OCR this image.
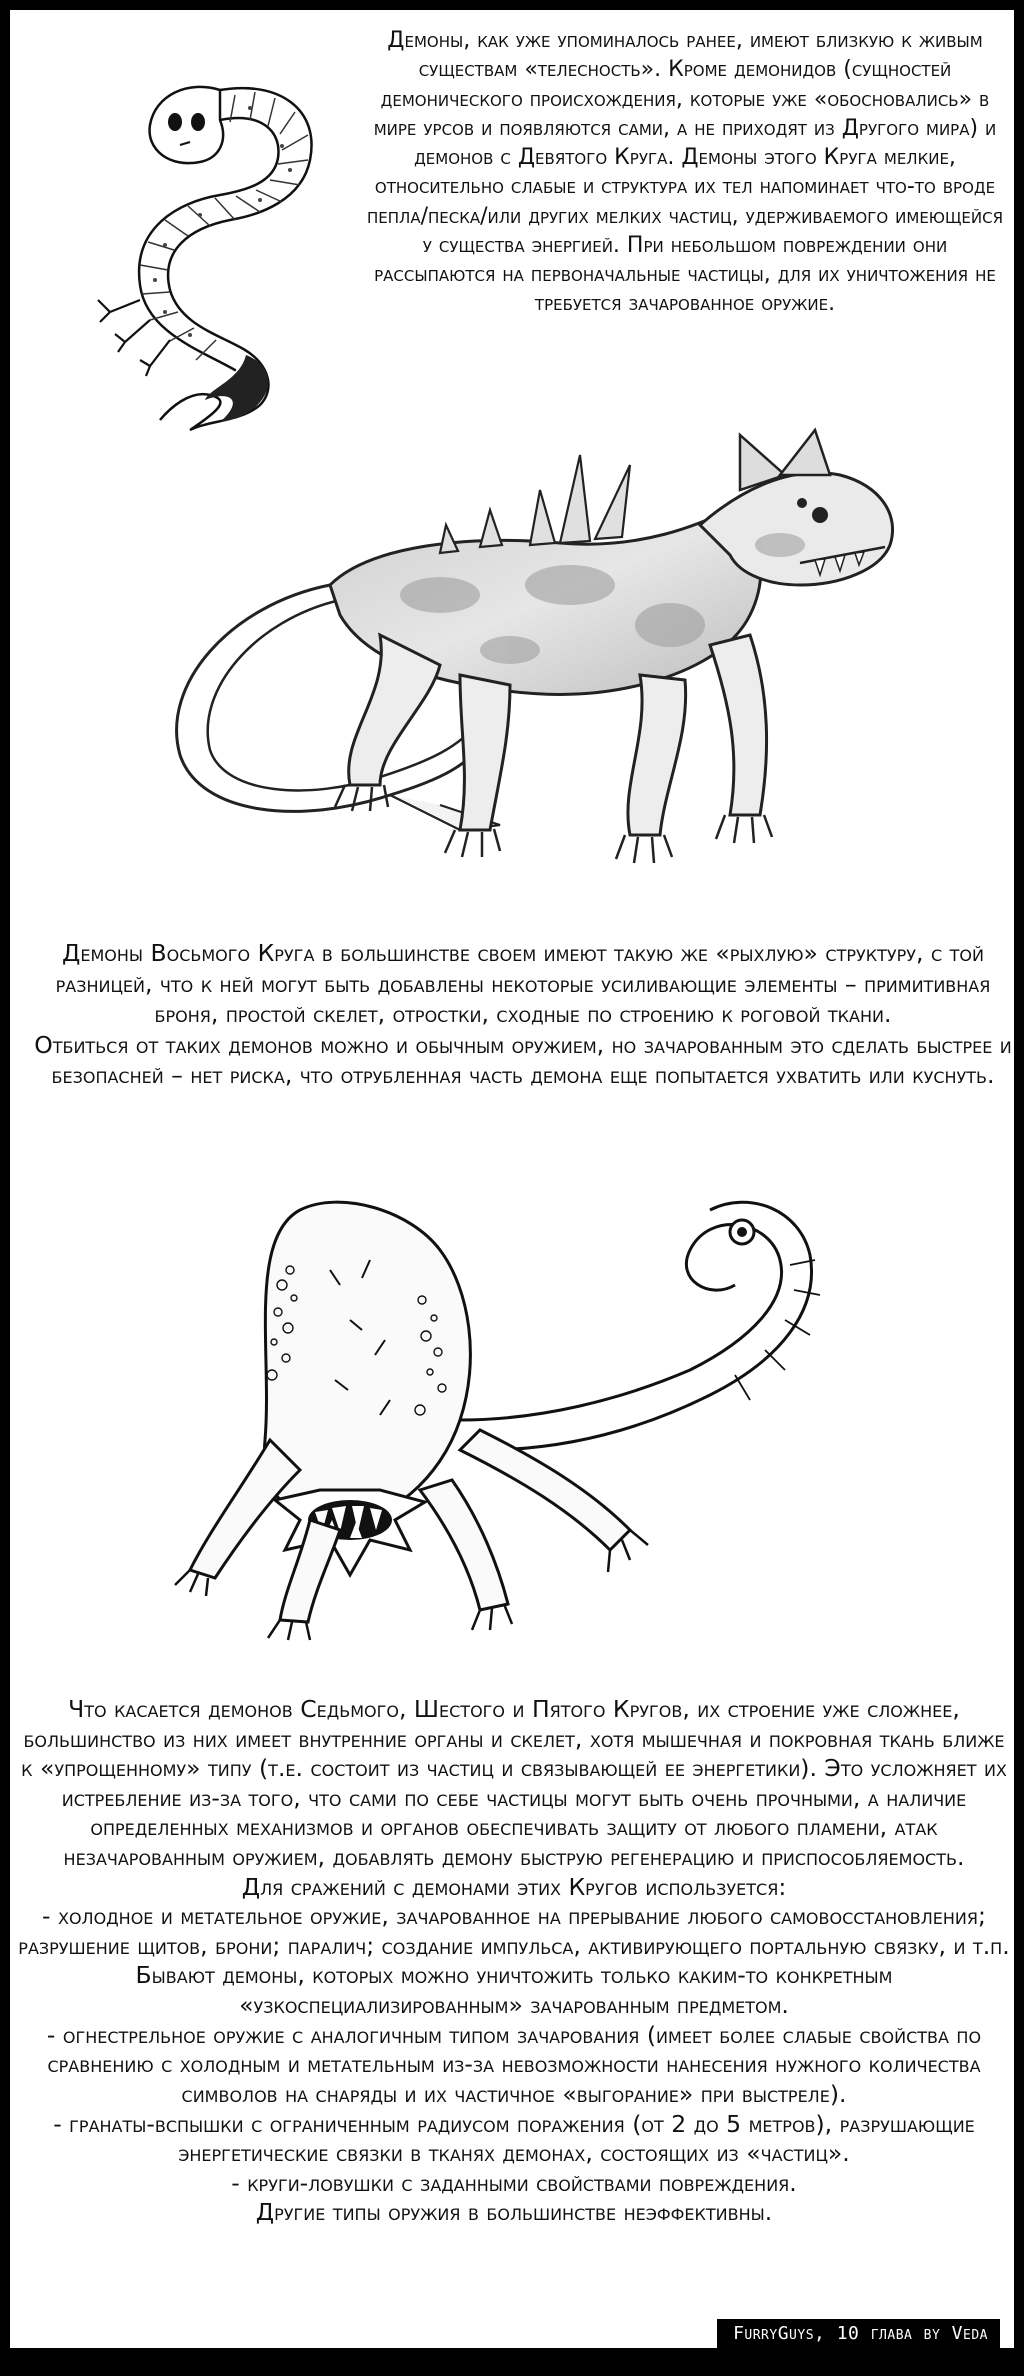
Демоны, как уже упоминалось ранее, имеют близкую к живым существам «телесность». Кроме демонидов (сущностей демонического происхождения, которые уже «обосновались» в мире урсов и появляются сами, а не приходят из Другого мира) и демонов с Девятого Круга. Демоны этого Круга мелкие, относительно слабые и структура их тел напоминает что-то вроде пепла/песка/или других мелких частиц, удерживаемого имеющейся у существа энергией. При небольшом повреждении они рассыпаются на первоначальные частицы, для их уничтожения не требуется зачарованное оружие.

Демоны Восьмого Круга в большинстве своем имеют такую же «рыхлую» структуру, с той разницей, что к ней могут быть добавлены некоторые усиливающие элементы – примитивная броня, простой скелет, отростки, сходные по строению к роговой ткани.
Отбиться от таких демонов можно и обычным оружием, но зачарованным это сделать быстрее и безопасней – нет риска, что отрубленная часть демона еще попытается ухватить или куснуть.

Что касается демонов Седьмого, Шестого и Пятого Кругов, их строение уже сложнее, большинство из них имеет внутренние органы и скелет, хотя мышечная и покровная ткань ближе к «упрощенному» типу (т.е. состоит из частиц и связывающей ее энергетики). Это усложняет их истребление из-за того, что сами по себе частицы могут быть очень прочными, а наличие определенных механизмов и органов обеспечивать защиту от любого пламени, атак незачарованным оружием, добавлять демону быструю регенерацию и приспособляемость.
Для сражений с демонами этих Кругов используется:
- холодное и метательное оружие, зачарованное на прерывание любого самовосстановления; разрушение щитов, брони; паралич; создание импульса, активирующего портальную связку, и т.п. Бывают демоны, которых можно уничтожить только каким-то конкретным «узкоспециализированным» зачарованным предметом.
- огнестрельное оружие с аналогичным типом зачарования (имеет более слабые свойства по сравнению с холодным и метательным из-за невозможности нанесения нужного количества символов на снаряды и их частичное «выгорание» при выстреле).
- гранаты-вспышки с ограниченным радиусом поражения (от 2 до 5 метров), разрушающие энергетические связки в тканях демонах, состоящих из «частиц».
- круги-ловушки с заданными свойствами повреждения.
Другие типы оружия в большинстве неэффективны.
FurryGuys, 10 глава by Veda
